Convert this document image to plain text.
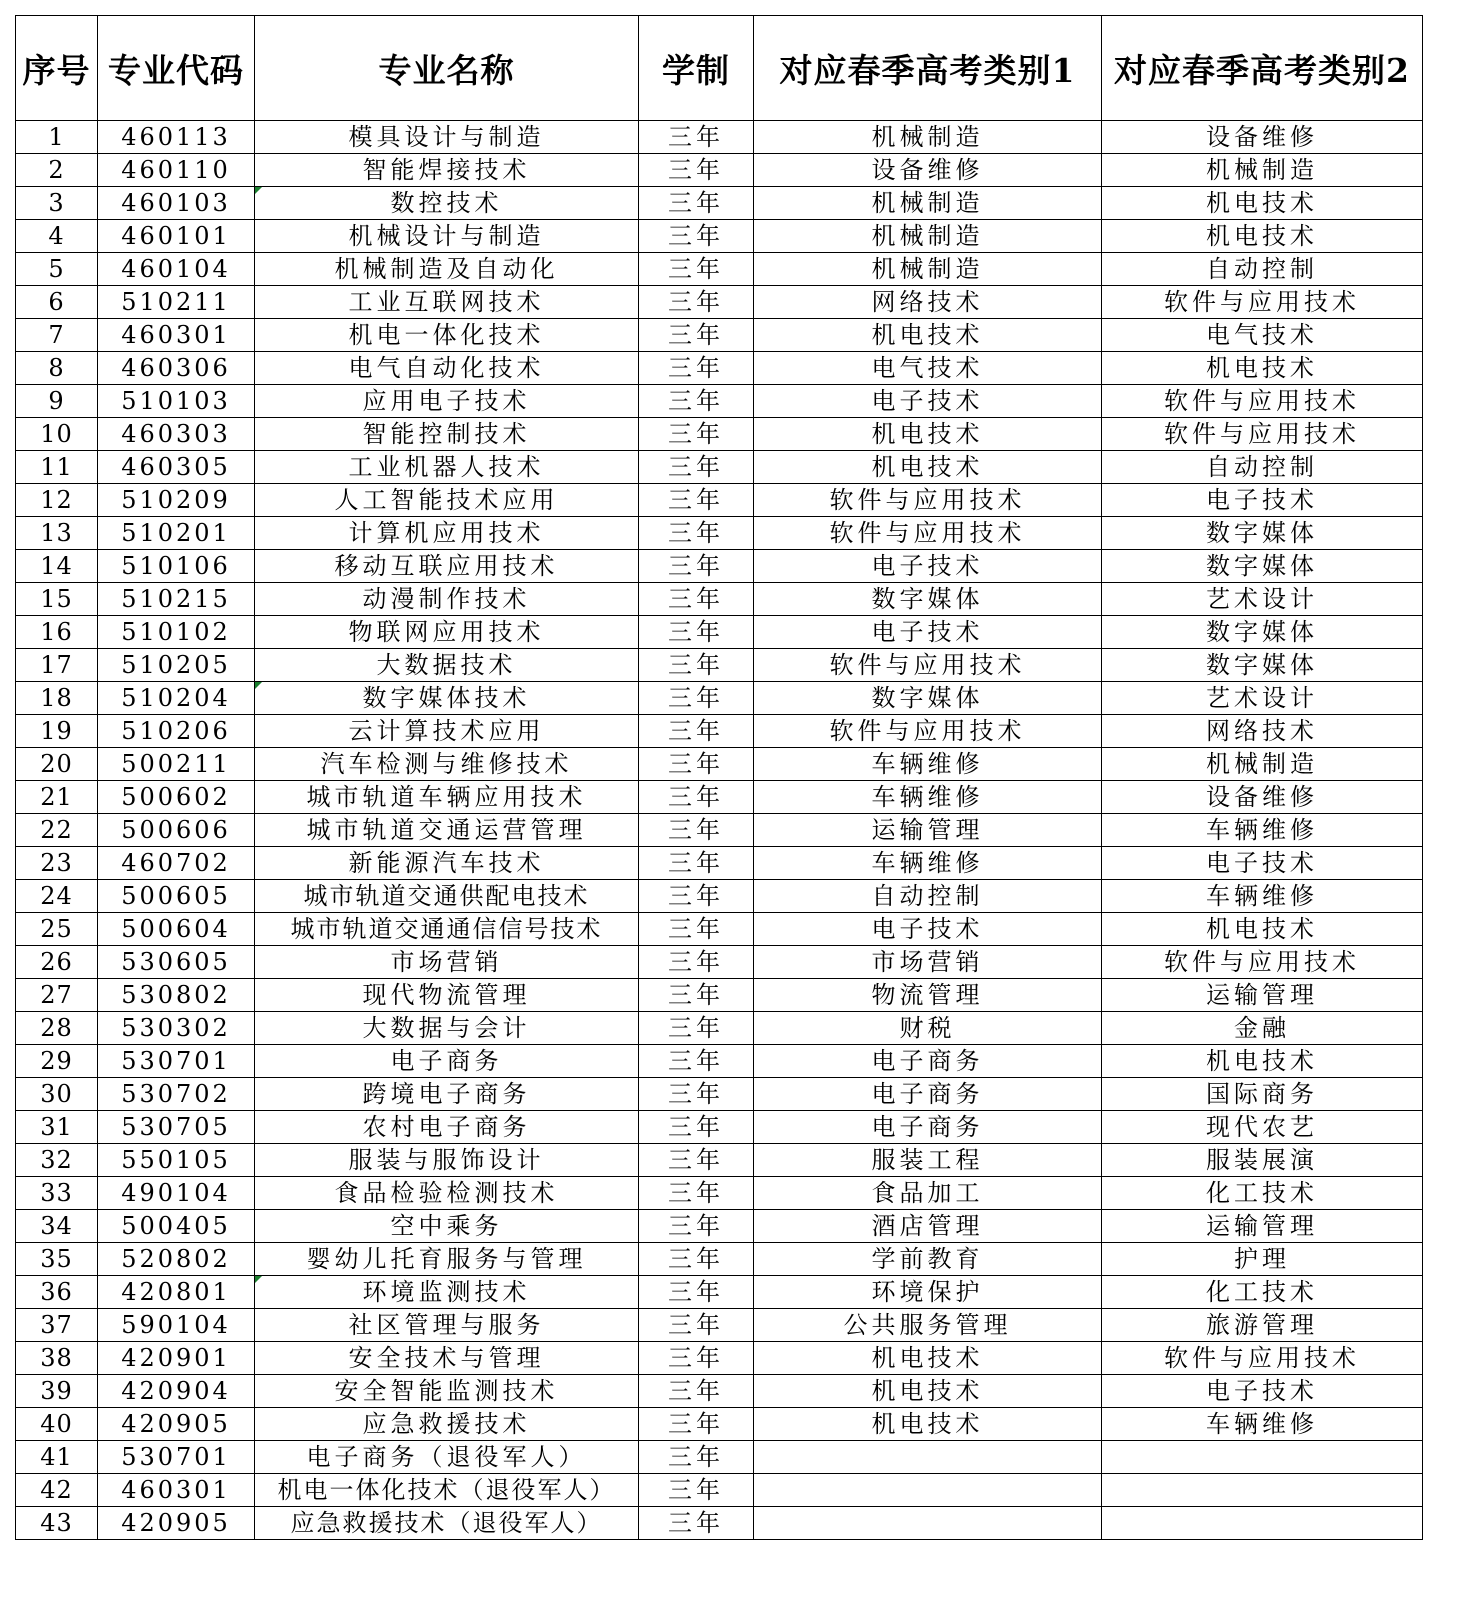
序号	专业代码	专业名称	学制	对应春季高考类别1	对应春季高考类别2
1	460113	模具设计与制造	三年	机械制造	设备维修
2	460110	智能焊接技术	三年	设备维修	机械制造
3	460103	数控技术	三年	机械制造	机电技术
4	460101	机械设计与制造	三年	机械制造	机电技术
5	460104	机械制造及自动化	三年	机械制造	自动控制
6	510211	工业互联网技术	三年	网络技术	软件与应用技术
7	460301	机电一体化技术	三年	机电技术	电气技术
8	460306	电气自动化技术	三年	电气技术	机电技术
9	510103	应用电子技术	三年	电子技术	软件与应用技术
10	460303	智能控制技术	三年	机电技术	软件与应用技术
11	460305	工业机器人技术	三年	机电技术	自动控制
12	510209	人工智能技术应用	三年	软件与应用技术	电子技术
13	510201	计算机应用技术	三年	软件与应用技术	数字媒体
14	510106	移动互联应用技术	三年	电子技术	数字媒体
15	510215	动漫制作技术	三年	数字媒体	艺术设计
16	510102	物联网应用技术	三年	电子技术	数字媒体
17	510205	大数据技术	三年	软件与应用技术	数字媒体
18	510204	数字媒体技术	三年	数字媒体	艺术设计
19	510206	云计算技术应用	三年	软件与应用技术	网络技术
20	500211	汽车检测与维修技术	三年	车辆维修	机械制造
21	500602	城市轨道车辆应用技术	三年	车辆维修	设备维修
22	500606	城市轨道交通运营管理	三年	运输管理	车辆维修
23	460702	新能源汽车技术	三年	车辆维修	电子技术
24	500605	城市轨道交通供配电技术	三年	自动控制	车辆维修
25	500604	城市轨道交通通信信号技术	三年	电子技术	机电技术
26	530605	市场营销	三年	市场营销	软件与应用技术
27	530802	现代物流管理	三年	物流管理	运输管理
28	530302	大数据与会计	三年	财税	金融
29	530701	电子商务	三年	电子商务	机电技术
30	530702	跨境电子商务	三年	电子商务	国际商务
31	530705	农村电子商务	三年	电子商务	现代农艺
32	550105	服装与服饰设计	三年	服装工程	服装展演
33	490104	食品检验检测技术	三年	食品加工	化工技术
34	500405	空中乘务	三年	酒店管理	运输管理
35	520802	婴幼儿托育服务与管理	三年	学前教育	护理
36	420801	环境监测技术	三年	环境保护	化工技术
37	590104	社区管理与服务	三年	公共服务管理	旅游管理
38	420901	安全技术与管理	三年	机电技术	软件与应用技术
39	420904	安全智能监测技术	三年	机电技术	电子技术
40	420905	应急救援技术	三年	机电技术	车辆维修
41	530701	电子商务（退役军人）	三年		
42	460301	机电一体化技术（退役军人）	三年		
43	420905	应急救援技术（退役军人）	三年		
